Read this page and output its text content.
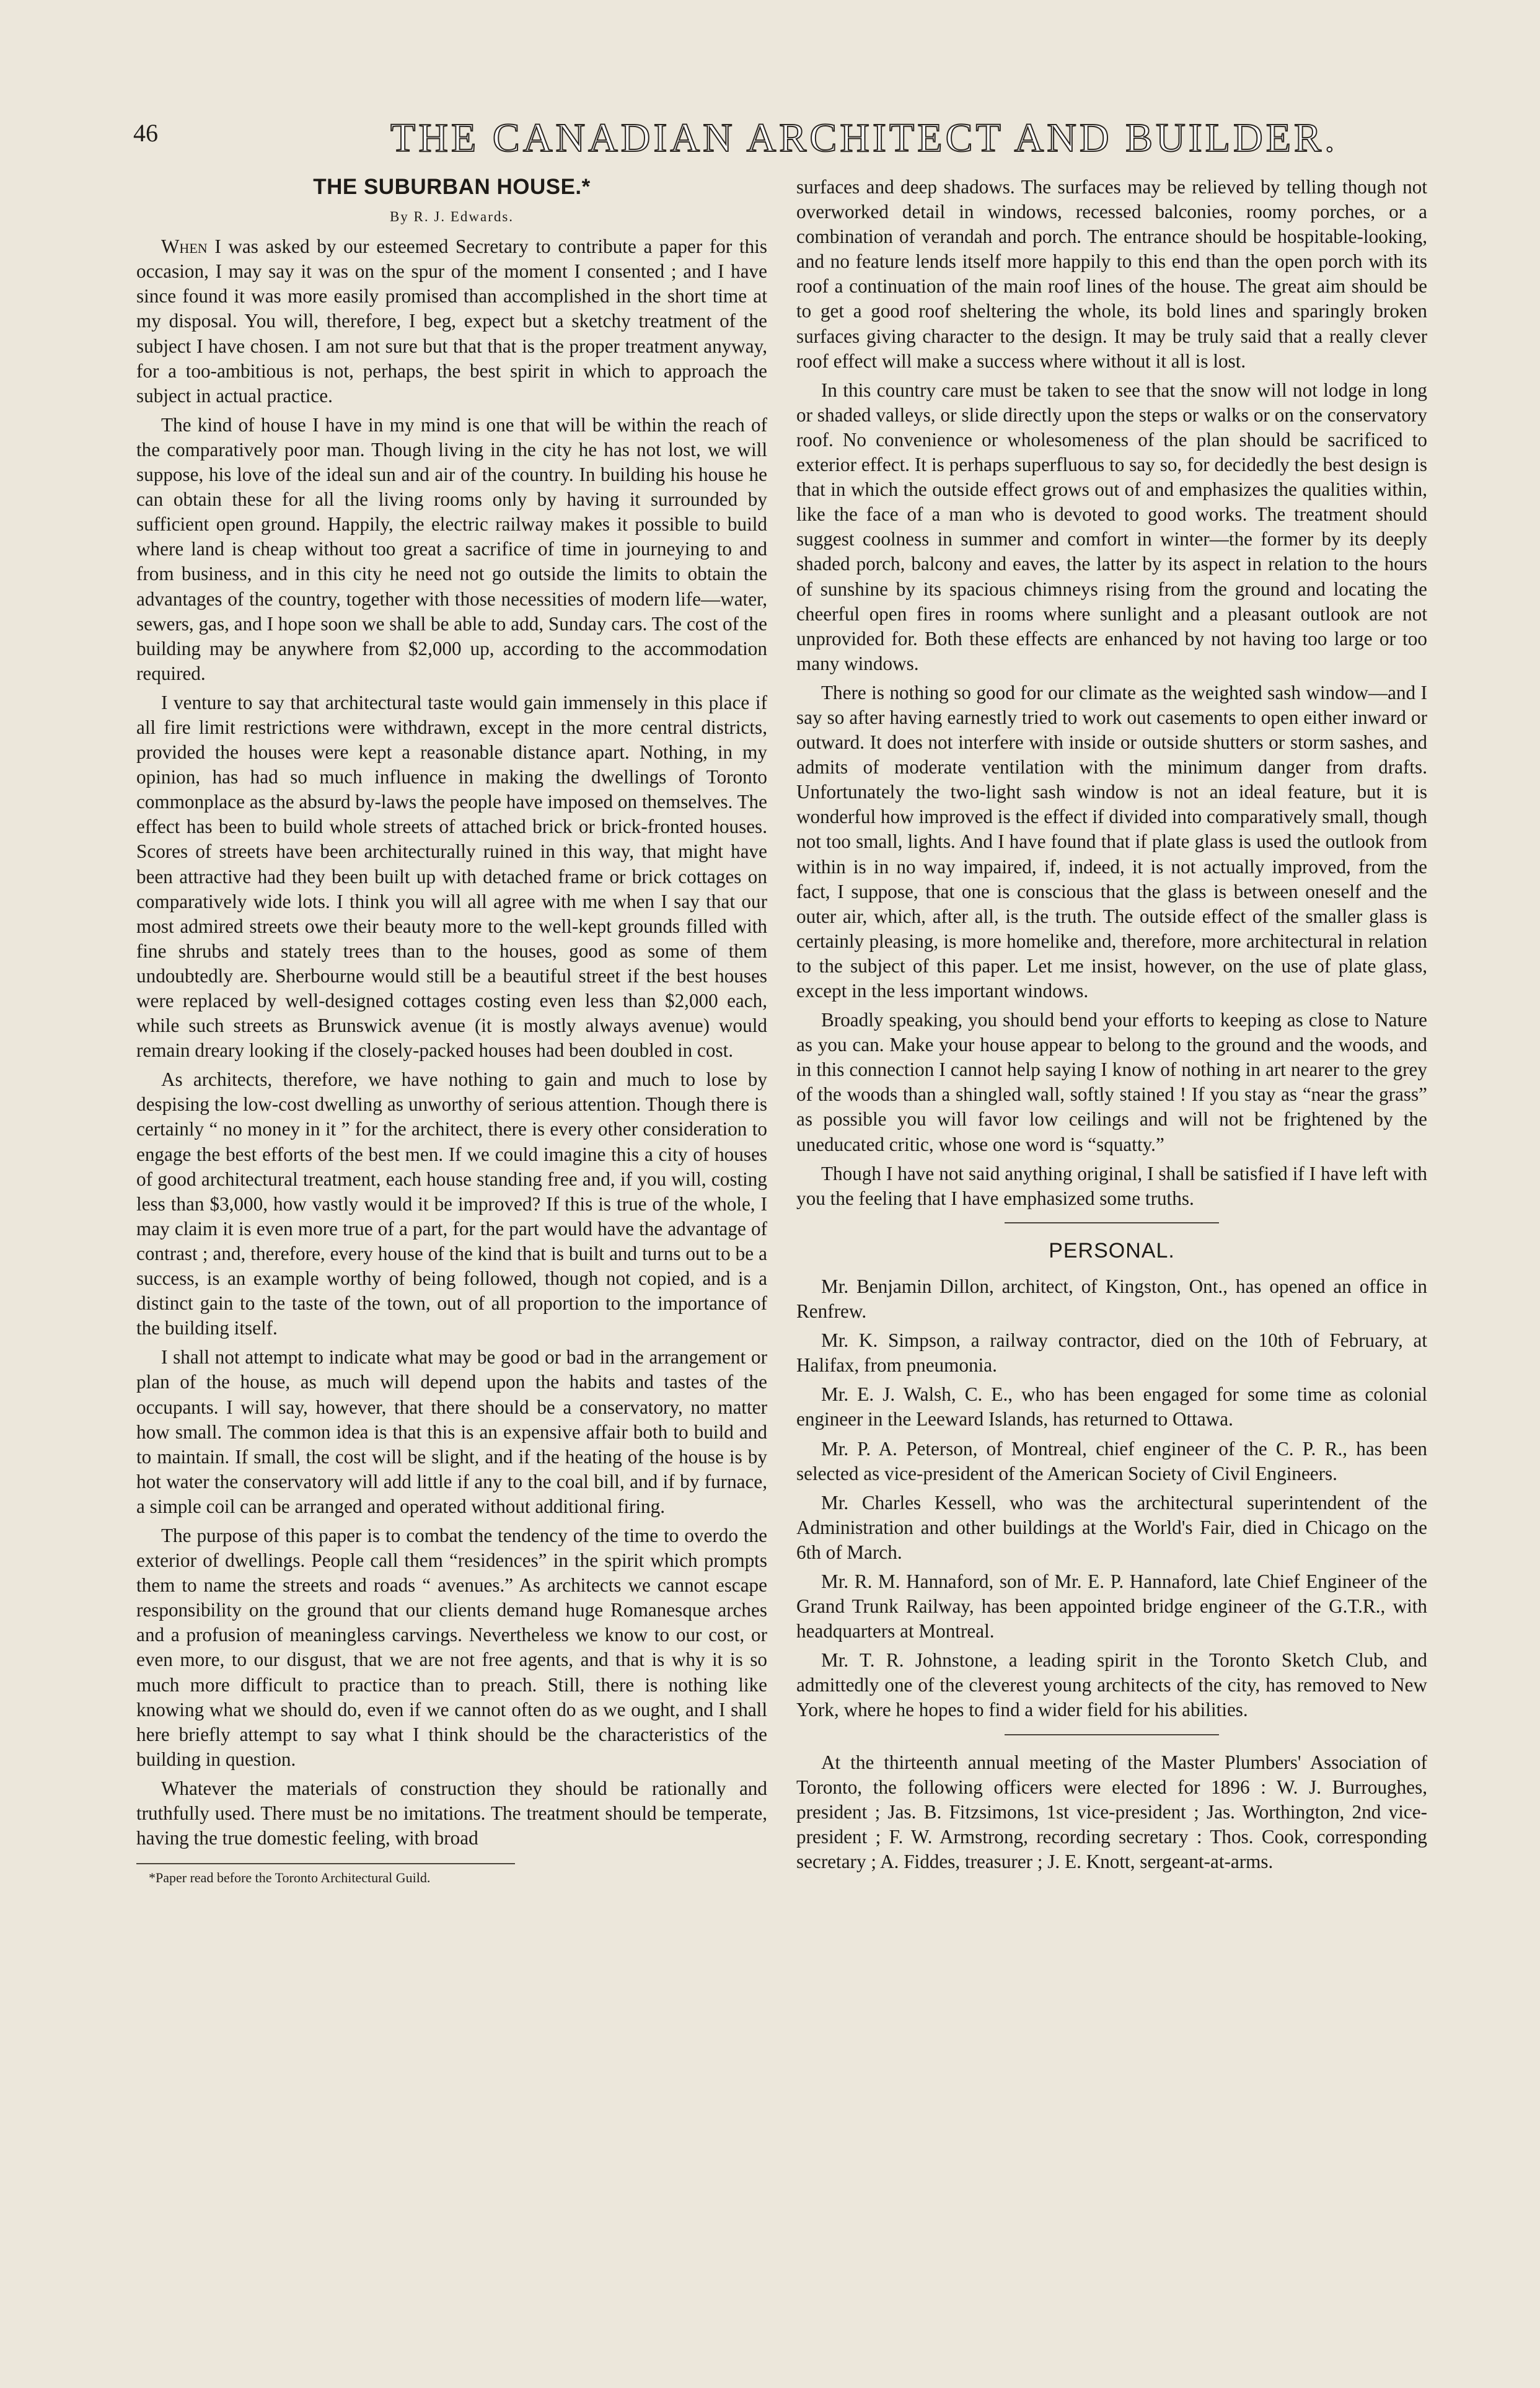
46	THE CANADIAN ARCHITECT AND BUILDER.
THE SUBURBAN HOUSE.*
By R. J. Edwards.

When I was asked by our esteemed Secretary to contribute a paper for this occasion, I may say it was on the spur of the moment I consented ; and I have since found it was more easily promised than accomplished in the short time at my disposal. You will, therefore, I beg, expect but a sketchy treatment of the subject I have chosen. I am not sure but that that is the proper treatment anyway, for a too-ambitious is not, perhaps, the best spirit in which to approach the subject in actual practice.

The kind of house I have in my mind is one that will be within the reach of the comparatively poor man. Though living in the city he has not lost, we will suppose, his love of the ideal sun and air of the country. In building his house he can obtain these for all the living rooms only by having it surrounded by sufficient open ground. Happily, the electric railway makes it possible to build where land is cheap without too great a sacrifice of time in journeying to and from business, and in this city he need not go outside the limits to obtain the advantages of the country, together with those necessities of modern life—water, sewers, gas, and I hope soon we shall be able to add, Sunday cars. The cost of the building may be anywhere from $2,000 up, according to the accommodation required.

I venture to say that architectural taste would gain immensely in this place if all fire limit restrictions were withdrawn, except in the more central districts, provided the houses were kept a reasonable distance apart. Nothing, in my opinion, has had so much influence in making the dwellings of Toronto commonplace as the absurd by-laws the people have imposed on themselves. The effect has been to build whole streets of attached brick or brick-fronted houses. Scores of streets have been architecturally ruined in this way, that might have been attractive had they been built up with detached frame or brick cottages on comparatively wide lots. I think you will all agree with me when I say that our most admired streets owe their beauty more to the well-kept grounds filled with fine shrubs and stately trees than to the houses, good as some of them undoubtedly are. Sherbourne would still be a beautiful street if the best houses were replaced by well-designed cottages costing even less than $2,000 each, while such streets as Brunswick avenue (it is mostly always avenue) would remain dreary looking if the closely-packed houses had been doubled in cost.

As architects, therefore, we have nothing to gain and much to lose by despising the low-cost dwelling as unworthy of serious attention. Though there is certainly “ no money in it ” for the architect, there is every other consideration to engage the best efforts of the best men. If we could imagine this a city of houses of good architectural treatment, each house standing free and, if you will, costing less than $3,000, how vastly would it be improved? If this is true of the whole, I may claim it is even more true of a part, for the part would have the advantage of contrast ; and, therefore, every house of the kind that is built and turns out to be a success, is an example worthy of being followed, though not copied, and is a distinct gain to the taste of the town, out of all proportion to the importance of the building itself.

I shall not attempt to indicate what may be good or bad in the arrangement or plan of the house, as much will depend upon the habits and tastes of the occupants. I will say, however, that there should be a conservatory, no matter how small. The common idea is that this is an expensive affair both to build and to maintain. If small, the cost will be slight, and if the heating of the house is by hot water the conservatory will add little if any to the coal bill, and if by furnace, a simple coil can be arranged and operated without additional firing.

The purpose of this paper is to combat the tendency of the time to overdo the exterior of dwellings. People call them “residences” in the spirit which prompts them to name the streets and roads “ avenues.” As architects we cannot escape responsibility on the ground that our clients demand huge Romanesque arches and a profusion of meaningless carvings. Nevertheless we know to our cost, or even more, to our disgust, that we are not free agents, and that is why it is so much more difficult to practice than to preach. Still, there is nothing like knowing what we should do, even if we cannot often do as we ought, and I shall here briefly attempt to say what I think should be the characteristics of the building in question.

Whatever the materials of construction they should be rationally and truthfully used. There must be no imitations. The treatment should be temperate, having the true domestic feeling, with broad

*Paper read before the Toronto Architectural Guild.

surfaces and deep shadows. The surfaces may be relieved by telling though not overworked detail in windows, recessed balconies, roomy porches, or a combination of verandah and porch. The entrance should be hospitable-looking, and no feature lends itself more happily to this end than the open porch with its roof a continuation of the main roof lines of the house. The great aim should be to get a good roof sheltering the whole, its bold lines and sparingly broken surfaces giving character to the design. It may be truly said that a really clever roof effect will make a success where without it all is lost.

In this country care must be taken to see that the snow will not lodge in long or shaded valleys, or slide directly upon the steps or walks or on the conservatory roof. No convenience or wholesomeness of the plan should be sacrificed to exterior effect. It is perhaps superfluous to say so, for decidedly the best design is that in which the outside effect grows out of and emphasizes the qualities within, like the face of a man who is devoted to good works. The treatment should suggest coolness in summer and comfort in winter—the former by its deeply shaded porch, balcony and eaves, the latter by its aspect in relation to the hours of sunshine by its spacious chimneys rising from the ground and locating the cheerful open fires in rooms where sunlight and a pleasant outlook are not unprovided for. Both these effects are enhanced by not having too large or too many windows.

There is nothing so good for our climate as the weighted sash window—and I say so after having earnestly tried to work out casements to open either inward or outward. It does not interfere with inside or outside shutters or storm sashes, and admits of moderate ventilation with the minimum danger from drafts. Unfortunately the two-light sash window is not an ideal feature, but it is wonderful how improved is the effect if divided into comparatively small, though not too small, lights. And I have found that if plate glass is used the outlook from within is in no way impaired, if, indeed, it is not actually improved, from the fact, I suppose, that one is conscious that the glass is between oneself and the outer air, which, after all, is the truth. The outside effect of the smaller glass is certainly pleasing, is more homelike and, therefore, more architectural in relation to the subject of this paper. Let me insist, however, on the use of plate glass, except in the less important windows.

Broadly speaking, you should bend your efforts to keeping as close to Nature as you can. Make your house appear to belong to the ground and the woods, and in this connection I cannot help saying I know of nothing in art nearer to the grey of the woods than a shingled wall, softly stained ! If you stay as “near the grass” as possible you will favor low ceilings and will not be frightened by the uneducated critic, whose one word is “squatty.”

Though I have not said anything original, I shall be satisfied if I have left with you the feeling that I have emphasized some truths.

PERSONAL.

Mr. Benjamin Dillon, architect, of Kingston, Ont., has opened an office in Renfrew.

Mr. K. Simpson, a railway contractor, died on the 10th of February, at Halifax, from pneumonia.

Mr. E. J. Walsh, C. E., who has been engaged for some time as colonial engineer in the Leeward Islands, has returned to Ottawa.

Mr. P. A. Peterson, of Montreal, chief engineer of the C. P. R., has been selected as vice-president of the American Society of Civil Engineers.

Mr. Charles Kessell, who was the architectural superintendent of the Administration and other buildings at the World's Fair, died in Chicago on the 6th of March.

Mr. R. M. Hannaford, son of Mr. E. P. Hannaford, late Chief Engineer of the Grand Trunk Railway, has been appointed bridge engineer of the G.T.R., with headquarters at Montreal.

Mr. T. R. Johnstone, a leading spirit in the Toronto Sketch Club, and admittedly one of the cleverest young architects of the city, has removed to New York, where he hopes to find a wider field for his abilities.

At the thirteenth annual meeting of the Master Plumbers' Association of Toronto, the following officers were elected for 1896 : W. J. Burroughes, president ; Jas. B. Fitzsimons, 1st vice-president ; Jas. Worthington, 2nd vice-president ; F. W. Armstrong, recording secretary : Thos. Cook, corresponding secretary ; A. Fiddes, treasurer ; J. E. Knott, sergeant-at-arms.
